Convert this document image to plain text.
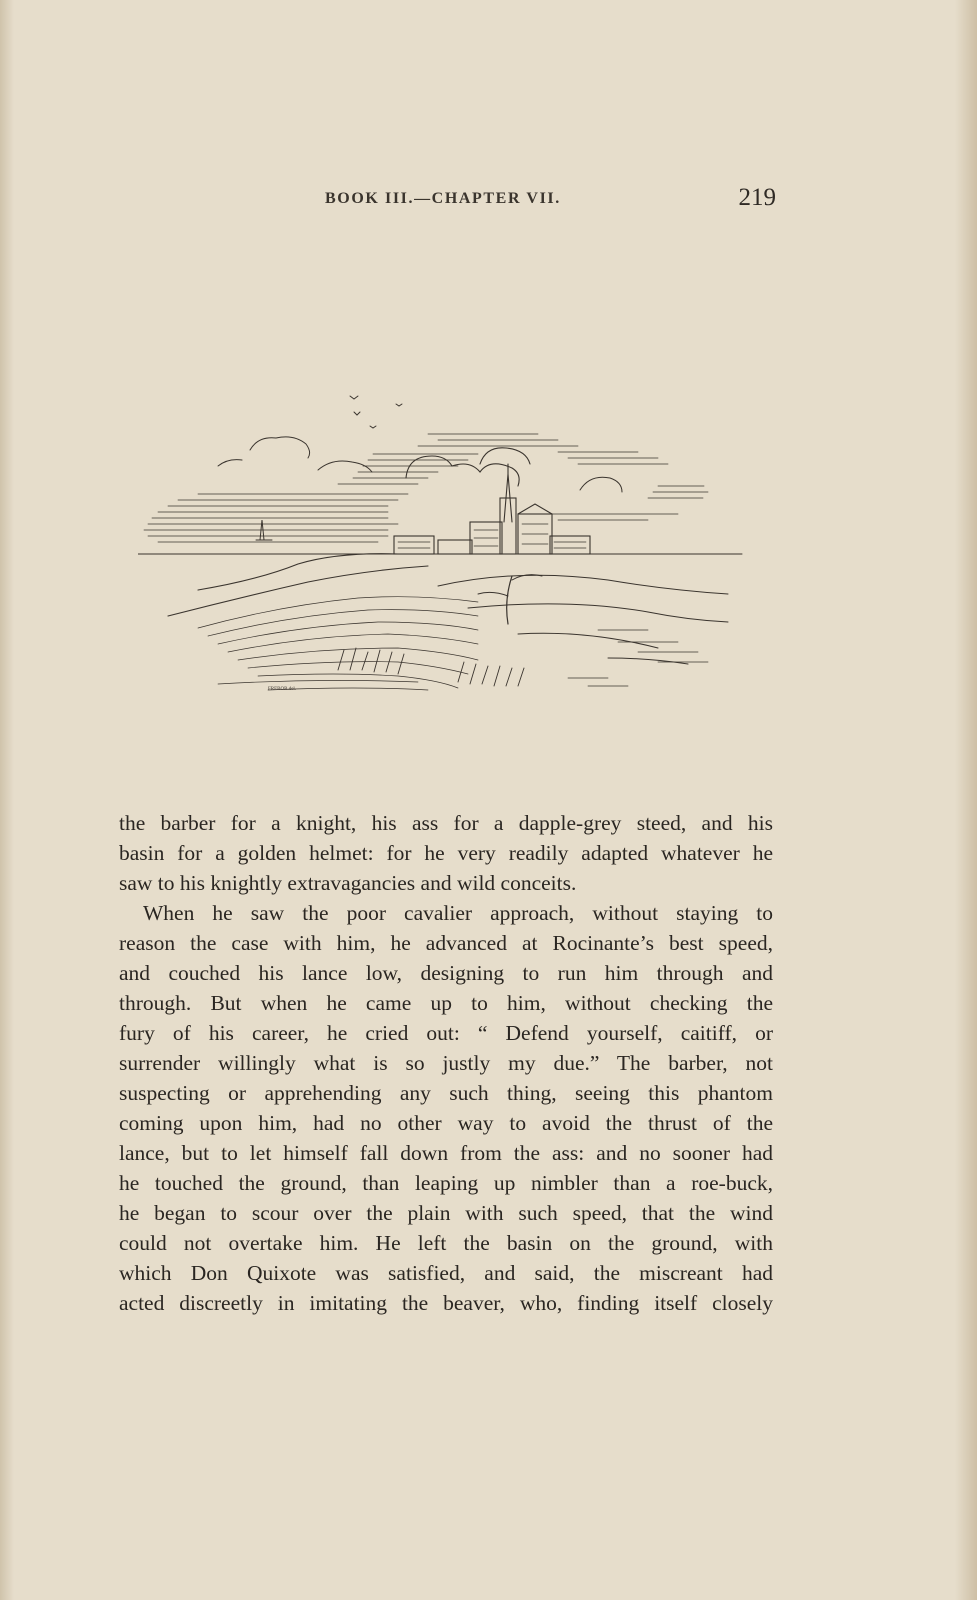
BOOK III.—CHAPTER VII.	219
FREBOR.del.
the barber for a knight, his ass for a dapple-grey steed, and his
basin for a golden helmet: for he very readily adapted whatever he
saw to his knightly extravagancies and wild conceits.
When he saw the poor cavalier approach, without staying to
reason the case with him, he advanced at Rocinante’s best speed,
and couched his lance low, designing to run him through and
through. But when he came up to him, without checking the
fury of his career, he cried out: “ Defend yourself, caitiff, or
surrender willingly what is so justly my due.” The barber, not
suspecting or apprehending any such thing, seeing this phantom
coming upon him, had no other way to avoid the thrust of the
lance, but to let himself fall down from the ass: and no sooner had
he touched the ground, than leaping up nimbler than a roe-buck,
he began to scour over the plain with such speed, that the wind
could not overtake him. He left the basin on the ground, with
which Don Quixote was satisfied, and said, the miscreant had
acted discreetly in imitating the beaver, who, finding itself closely
